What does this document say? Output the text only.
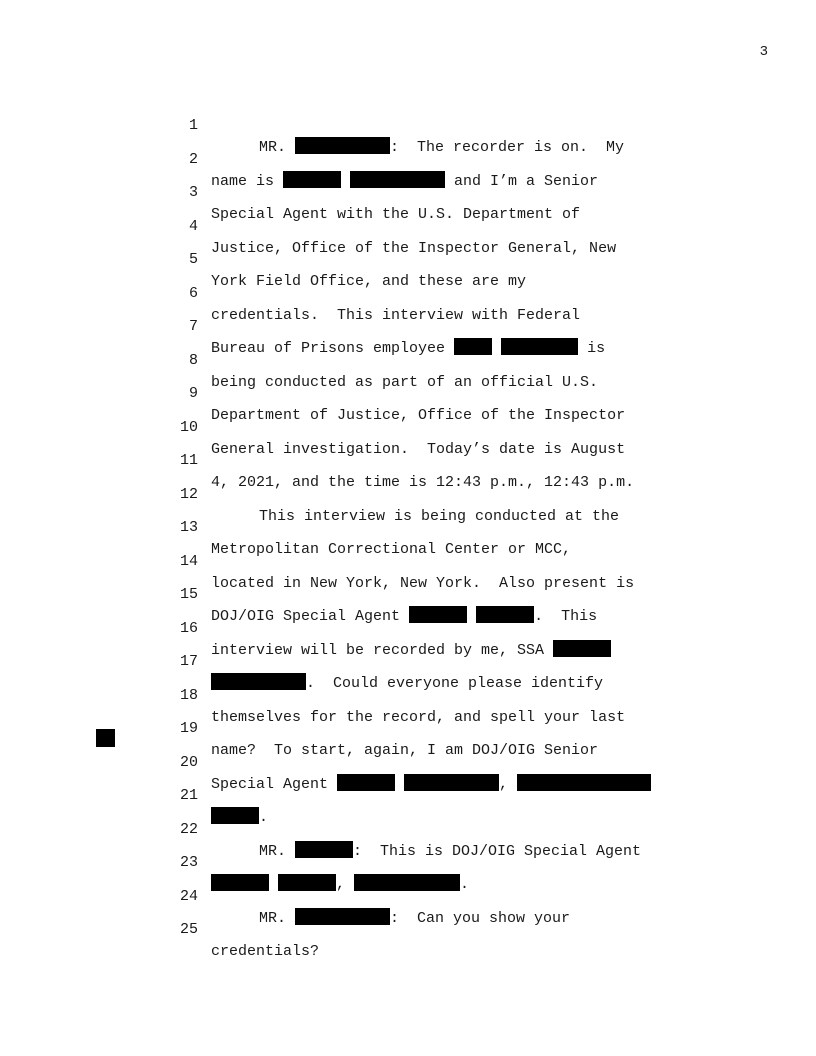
3

1

MR.	:  The recorder is on.  My

2

name is	and I’m a Senior

3

Special Agent with the U.S. Department of

4

Justice, Office of the Inspector General, New

5

York Field Office, and these are my

6

credentials.  This interview with Federal

7

Bureau of Prisons employee	is

8

being conducted as part of an official U.S.

9

Department of Justice, Office of the Inspector

10

General investigation.  Today’s date is August

11

4, 2021, and the time is 12:43 p.m., 12:43 p.m.

12

This interview is being conducted at the

13

Metropolitan Correctional Center or MCC,

14

located in New York, New York.  Also present is

15

DOJ/OIG Special Agent	.  This

16

interview will be recorded by me, SSA

17

.  Could everyone please identify

18

themselves for the record, and spell your last

19

name?  To start, again, I am DOJ/OIG Senior

20

Special Agent	,

21

.

22

MR.	:  This is DOJ/OIG Special Agent

23

,	.

24

MR.	:  Can you show your

25

credentials?
